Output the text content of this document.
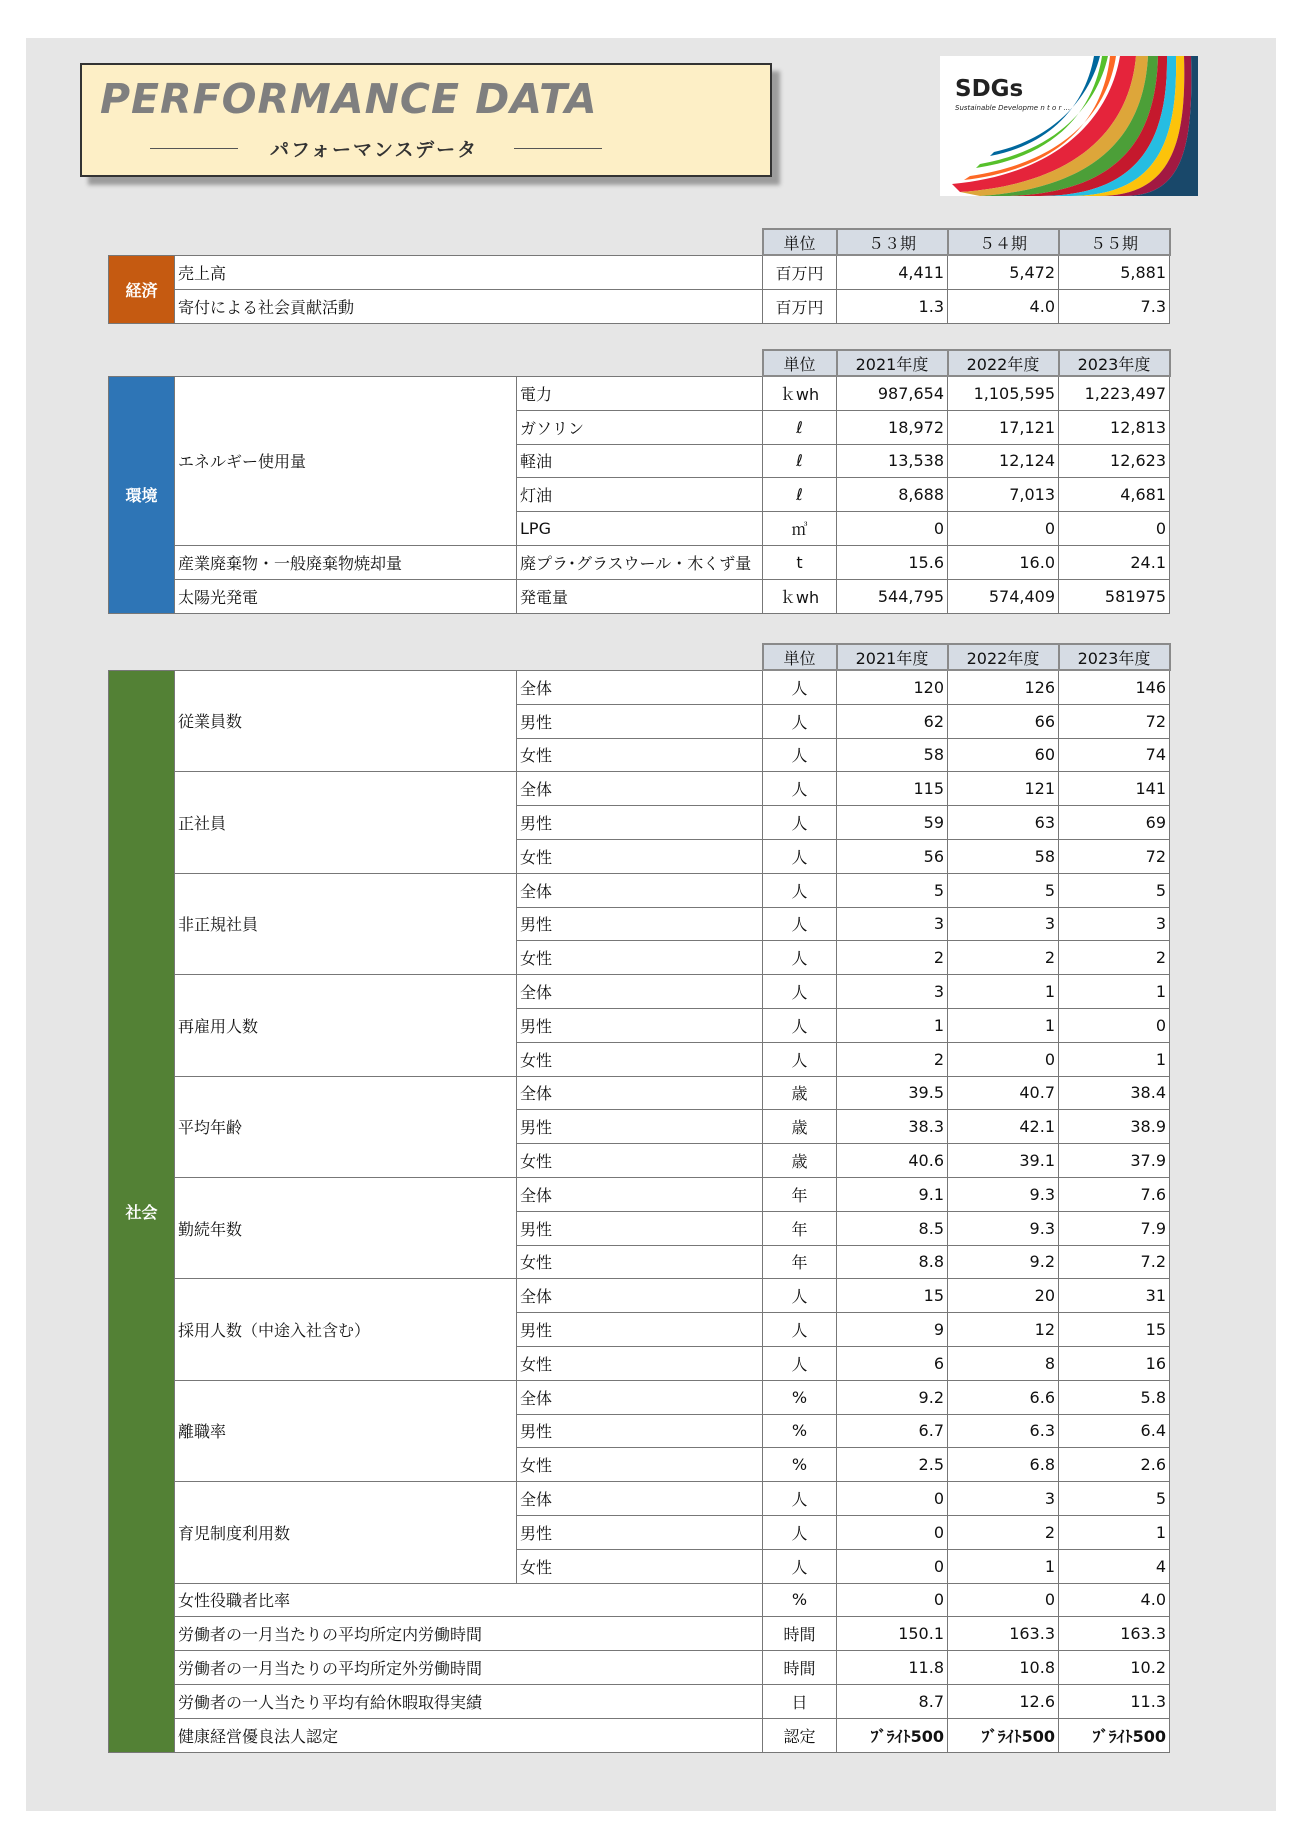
PERFORMANCE DATA
パフォーマンスデータ
SDGs
Sustainable Developme n t o r ...
		単位	５３期	５４期	５５期
経済	売上高	百万円	4,411	5,472	5,881
	寄付による社会貢献活動	百万円	1.3	4.0	7.3
			単位	2021年度	2022年度	2023年度
環境	エネルギー使用量	電力	ｋwh	987,654	1,105,595	1,223,497
		ガソリン	ℓ	18,972	17,121	12,813
		軽油	ℓ	13,538	12,124	12,623
		灯油	ℓ	8,688	7,013	4,681
		LPG	㎥	0	0	0
	産業廃棄物・一般廃棄物焼却量	廃プラ･グラスウール・木くず量	t	15.6	16.0	24.1
	太陽光発電	発電量	ｋwh	544,795	574,409	581975
			単位	2021年度	2022年度	2023年度
社会	従業員数	全体	人	120	126	146
		男性	人	62	66	72
		女性	人	58	60	74
	正社員	全体	人	115	121	141
		男性	人	59	63	69
		女性	人	56	58	72
	非正規社員	全体	人	5	5	5
		男性	人	3	3	3
		女性	人	2	2	2
	再雇用人数	全体	人	3	1	1
		男性	人	1	1	0
		女性	人	2	0	1
	平均年齢	全体	歳	39.5	40.7	38.4
		男性	歳	38.3	42.1	38.9
		女性	歳	40.6	39.1	37.9
	勤続年数	全体	年	9.1	9.3	7.6
		男性	年	8.5	9.3	7.9
		女性	年	8.8	9.2	7.2
	採用人数（中途入社含む）	全体	人	15	20	31
		男性	人	9	12	15
		女性	人	6	8	16
	離職率	全体	%	9.2	6.6	5.8
		男性	%	6.7	6.3	6.4
		女性	%	2.5	6.8	2.6
	育児制度利用数	全体	人	0	3	5
		男性	人	0	2	1
		女性	人	0	1	4
	女性役職者比率		%	0	0	4.0
	労働者の一月当たりの平均所定内労働時間		時間	150.1	163.3	163.3
	労働者の一月当たりの平均所定外労働時間		時間	11.8	10.8	10.2
	労働者の一人当たり平均有給休暇取得実績		日	8.7	12.6	11.3
	健康経営優良法人認定		認定	ﾌﾞﾗｲﾄ500	ﾌﾞﾗｲﾄ500	ﾌﾞﾗｲﾄ500
